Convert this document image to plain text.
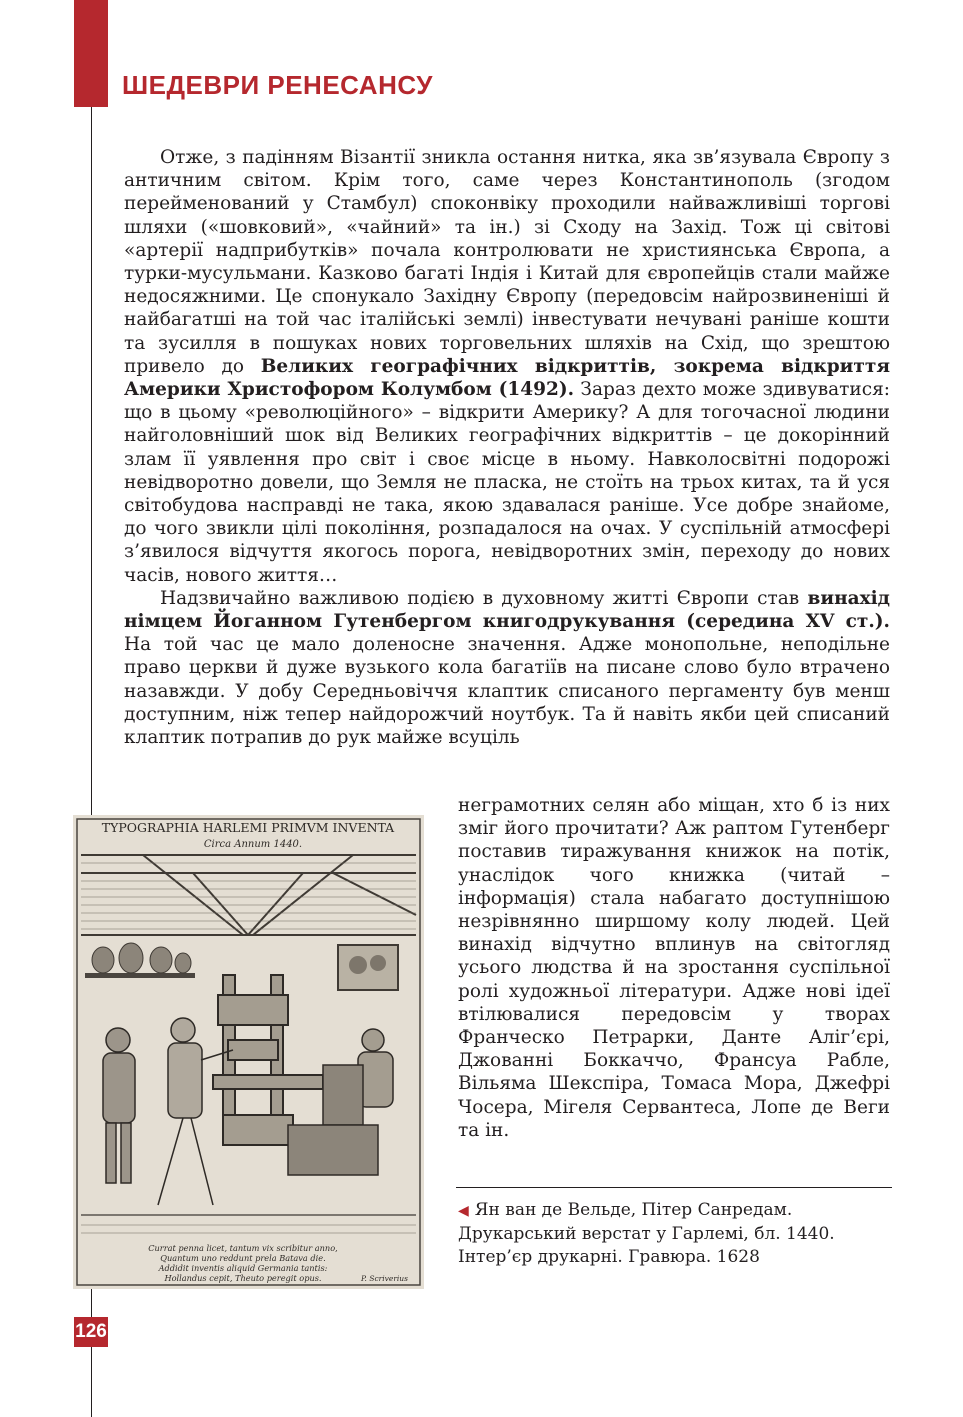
ШЕДЕВРИ РЕНЕСАНСУ

Отже, з падінням Візантії зникла остання нитка, яка зв’язувала Європу з античним світом. Крім того, саме через Константинополь (згодом перейменований у Стамбул) споконвіку проходили найважливіші торгові шляхи («шовковий», «чайний» та ін.) зі Сходу на Захід. Тож ці світові «артерії надприбутків» почала контролювати не християнська Європа, а турки-мусульмани. Казково багаті Індія і Китай для європейців стали майже недосяжними. Це спонукало Західну Європу (передовсім найрозвиненіші й найбагатші на той час італійські землі) інвестувати нечувані раніше кошти та зусилля в пошуках нових торговельних шляхів на Схід, що зрештою привело до Великих географічних відкриттів, зокрема відкриття Америки Христофором Колумбом (1492). Зараз дехто може здивуватися: що в цьому «революційного» – відкрити Америку? А для тогочасної людини найголовніший шок від Великих географічних відкриттів – це докорінний злам її уявлення про світ і своє місце в ньому. Навколосвітні подорожі невідворотно довели, що Земля не пласка, не стоїть на трьох китах, та й уся світобудова насправді не така, якою здавалася раніше. Усе добре знайоме, до чого звикли цілі покоління, розпадалося на очах. У суспільній атмосфері з’явилося відчуття якогось порога, невідворотних змін, переходу до нових часів, нового життя…

Надзвичайно важливою подією в духовному житті Європи став винахід німцем Йоганном Гутенбергом книгодрукування (середина XV ст.). На той час це мало доленосне значення. Адже монопольне, неподільне право церкви й дуже вузького кола багатіїв на писане слово було втрачено назавжди. У добу Середньовіччя клаптик списаного пергаменту був менш доступним, ніж тепер найдорожчий ноутбук. Та й навіть якби цей списаний клаптик потрапив до рук майже всуціль

неграмотних селян або міщан, хто б із них зміг його прочитати? Аж раптом Гутенберг поставив тиражування книжок на потік, унаслідок чого книжка (читай – інформація) стала набагато доступнішою незрівнянно ширшому колу людей. Цей винахід відчутно вплинув на світогляд усього людства й на зростання суспільної ролі художньої літератури. Адже нові ідеї втілювалися передовсім у творах Франческо Петрарки, Данте Аліг’єрі, Джованні Боккаччо, Франсуа Рабле, Вільяма Шекспіра, Томаса Мора, Джефрі Чосера, Мігеля Сервантеса, Лопе де Веги та ін.
TYPOGRAPHIA HARLEMI PRIMVM INVENTA
Circa Annum 1440.
Currat penna licet, tantum vix scribitur anno,
Quantum uno reddunt prela Batava die.
Addidit inventis aliquid Germania tantis:
Hollandus cepit, Theuto peregit opus.	P. Scriverius
◀ Ян ван де Вельде, Пітер Санредам.
Друкарський верстат у Гарлемі, бл. 1440.
Інтер’єр друкарні. Гравюра. 1628
126
